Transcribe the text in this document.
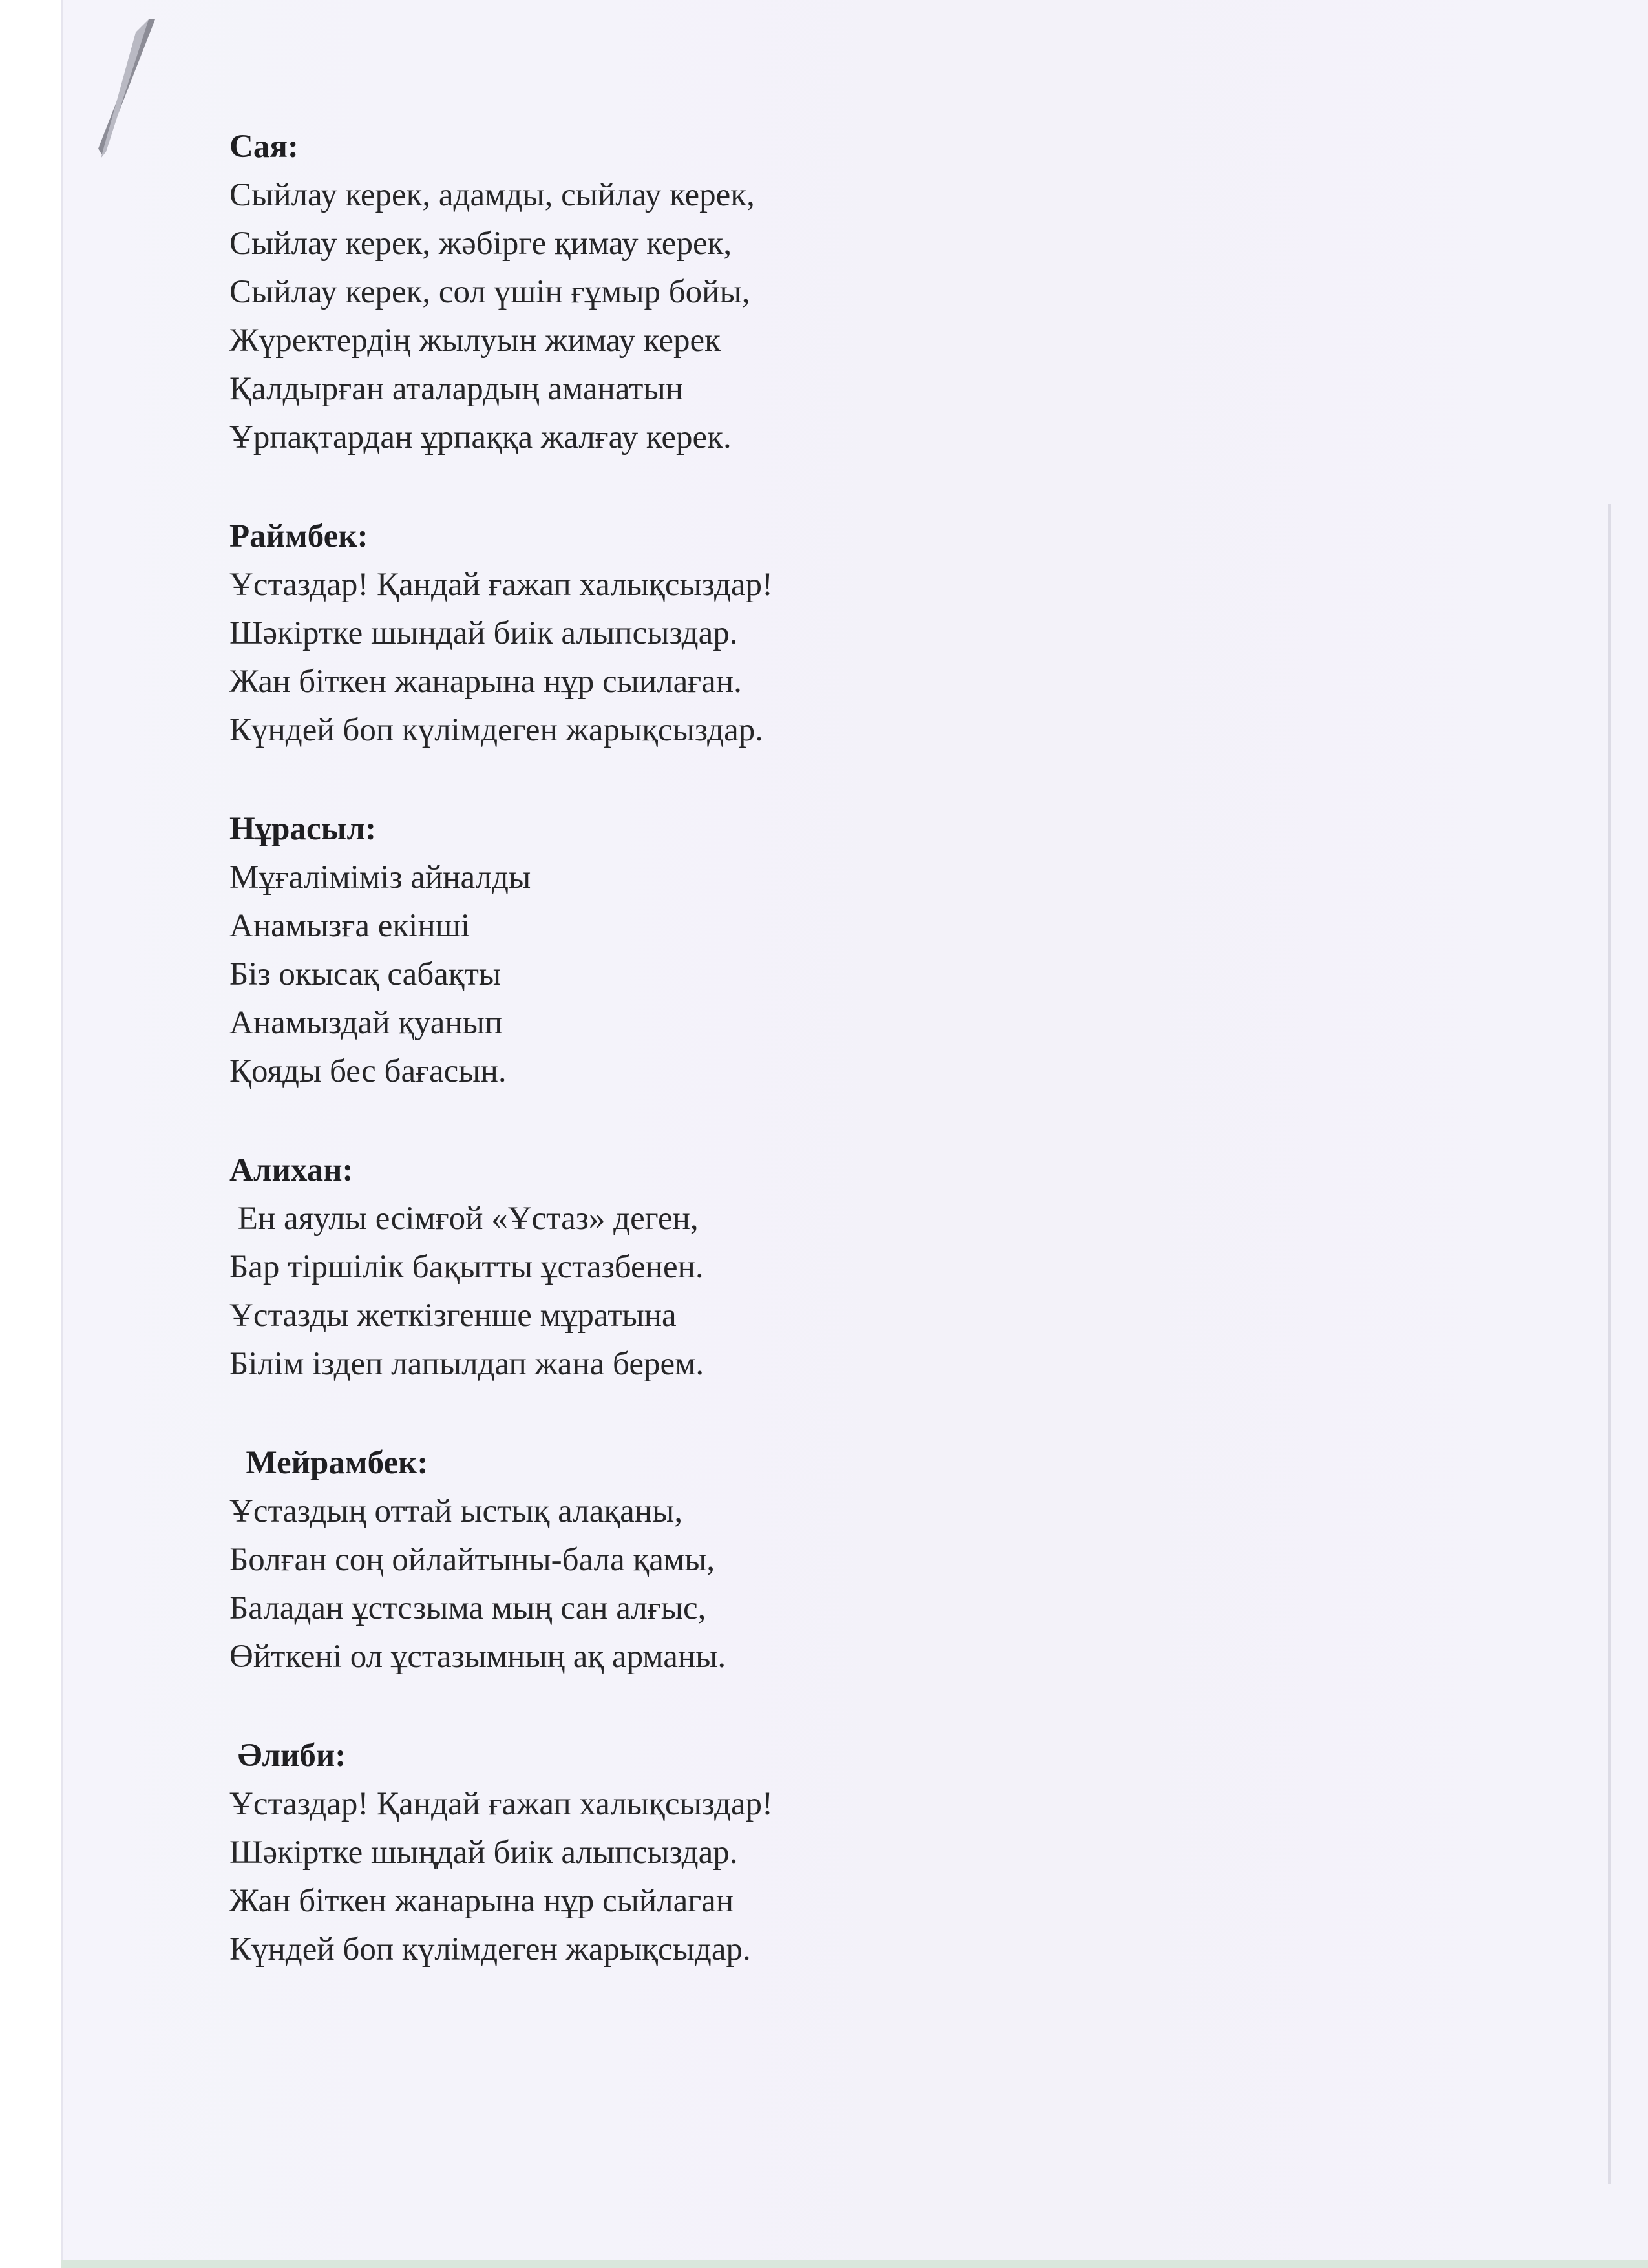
Сая:
Сыйлау керек, адамды, сыйлау керек,
Сыйлау керек, жәбірге қимау керек,
Сыйлау керек, сол үшін ғұмыр бойы,
Жүректердің жылуын жимау керек
Қалдырған аталардың аманатын
Ұрпақтардан ұрпаққа жалғау керек.
Раймбек:
Ұстаздар! Қандай ғажап халықсыздар!
Шәкіртке шындай биік алыпсыздар.
Жан біткен жанарына нұр сыилаған.
Күндей боп күлімдеген жарықсыздар.
Нұрасыл:
Мұғаліміміз айналды
Анамызға екінші
Біз окысақ сабақты
Анамыздай қуанып
Қояды бес бағасын.
Алихан:
Ен аяулы есімғой «Ұстаз» деген,
Бар тіршілік бақытты ұстазбенен.
Ұстазды жеткізгенше мұратына
Білім іздеп лапылдап жана берем.
Мейрамбек:
Ұстаздың оттай ыстық алақаны,
Болған соң ойлайтыны-бала қамы,
Баладан ұстсзыма мың сан алғыс,
Өйткені ол ұстазымның ақ арманы.
Әлиби:
Ұстаздар! Қандай ғажап халықсыздар!
Шәкіртке шыңдай биік алыпсыздар.
Жан біткен жанарына нұр сыйлаган
Күндей боп күлімдеген жарықсыдар.
